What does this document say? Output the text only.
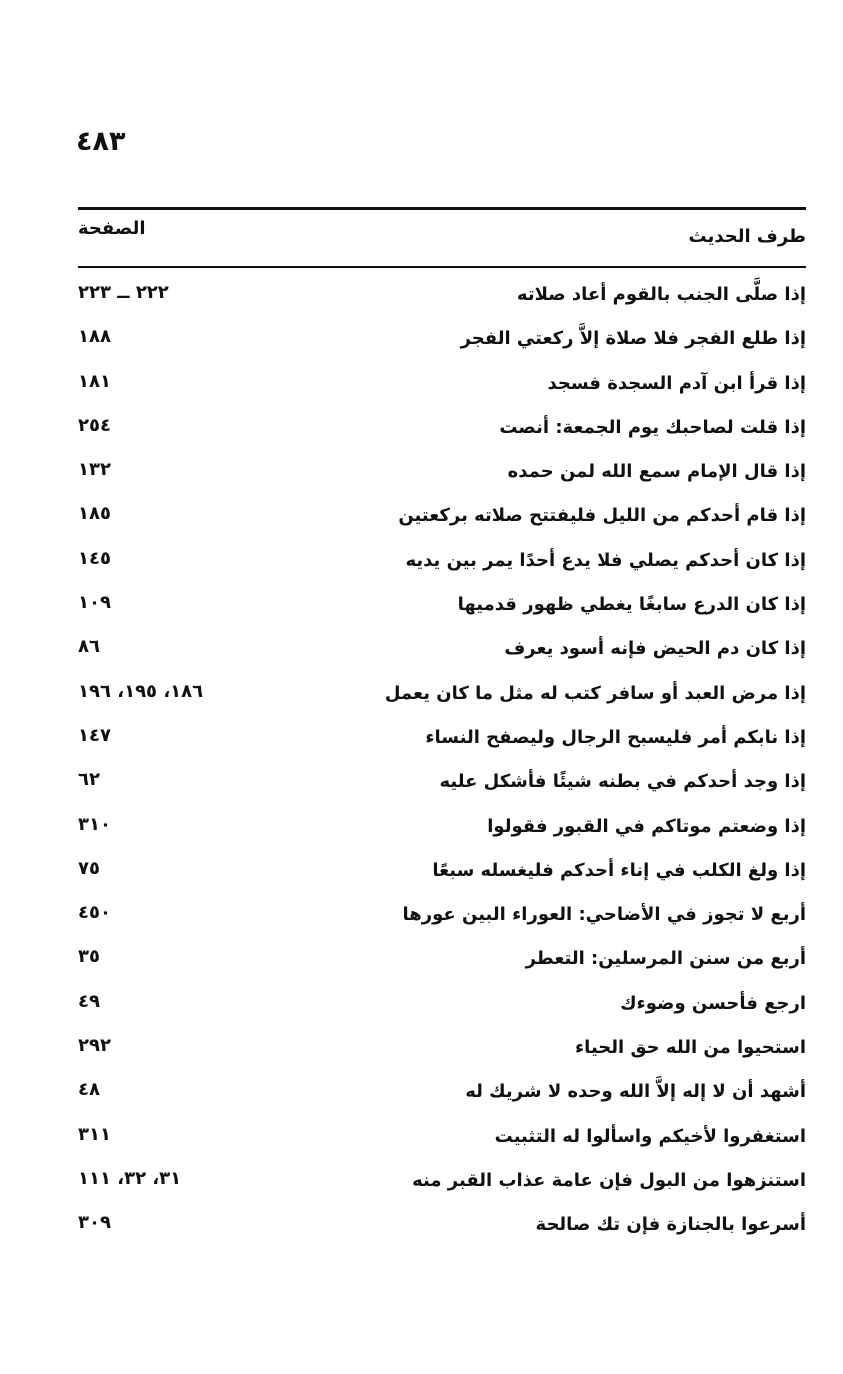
٤٨٣
طرف الحديث
الصفحة
إذا صلَّى الجنب بالقوم أعاد صلاته
٢٢٢ ــ ٢٢٣
إذا طلع الفجر فلا صلاة إلاَّ ركعتي الفجر
١٨٨
إذا قرأ ابن آدم السجدة فسجد
١٨١
إذا قلت لصاحبك يوم الجمعة: أنصت
٢٥٤
إذا قال الإمام سمع الله لمن حمده
١٣٢
إذا قام أحدكم من الليل فليفتتح صلاته بركعتين
١٨٥
إذا كان أحدكم يصلي فلا يدع أحدًا يمر بين يديه
١٤٥
إذا كان الدرع سابغًا يغطي ظهور قدميها
١٠٩
إذا كان دم الحيض فإنه أسود يعرف
٨٦
إذا مرض العبد أو سافر كتب له مثل ما كان يعمل
١٨٦، ١٩٥، ١٩٦
إذا نابكم أمر فليسبح الرجال وليصفح النساء
١٤٧
إذا وجد أحدكم في بطنه شيئًا فأشكل عليه
٦٢
إذا وضعتم موتاكم في القبور فقولوا
٣١٠
إذا ولغ الكلب في إناء أحدكم فليغسله سبعًا
٧٥
أربع لا تجوز في الأضاحي: العوراء البين عورها
٤٥٠
أربع من سنن المرسلين: التعطر
٣٥
ارجع فأحسن وضوءك
٤٩
استحيوا من الله حق الحياء
٢٩٢
أشهد أن لا إله إلاَّ الله وحده لا شريك له
٤٨
استغفروا لأخيكم واسألوا له التثبيت
٣١١
استنزهوا من البول فإن عامة عذاب القبر منه
٣١، ٣٢، ١١١
أسرعوا بالجنازة فإن تك صالحة
٣٠٩
